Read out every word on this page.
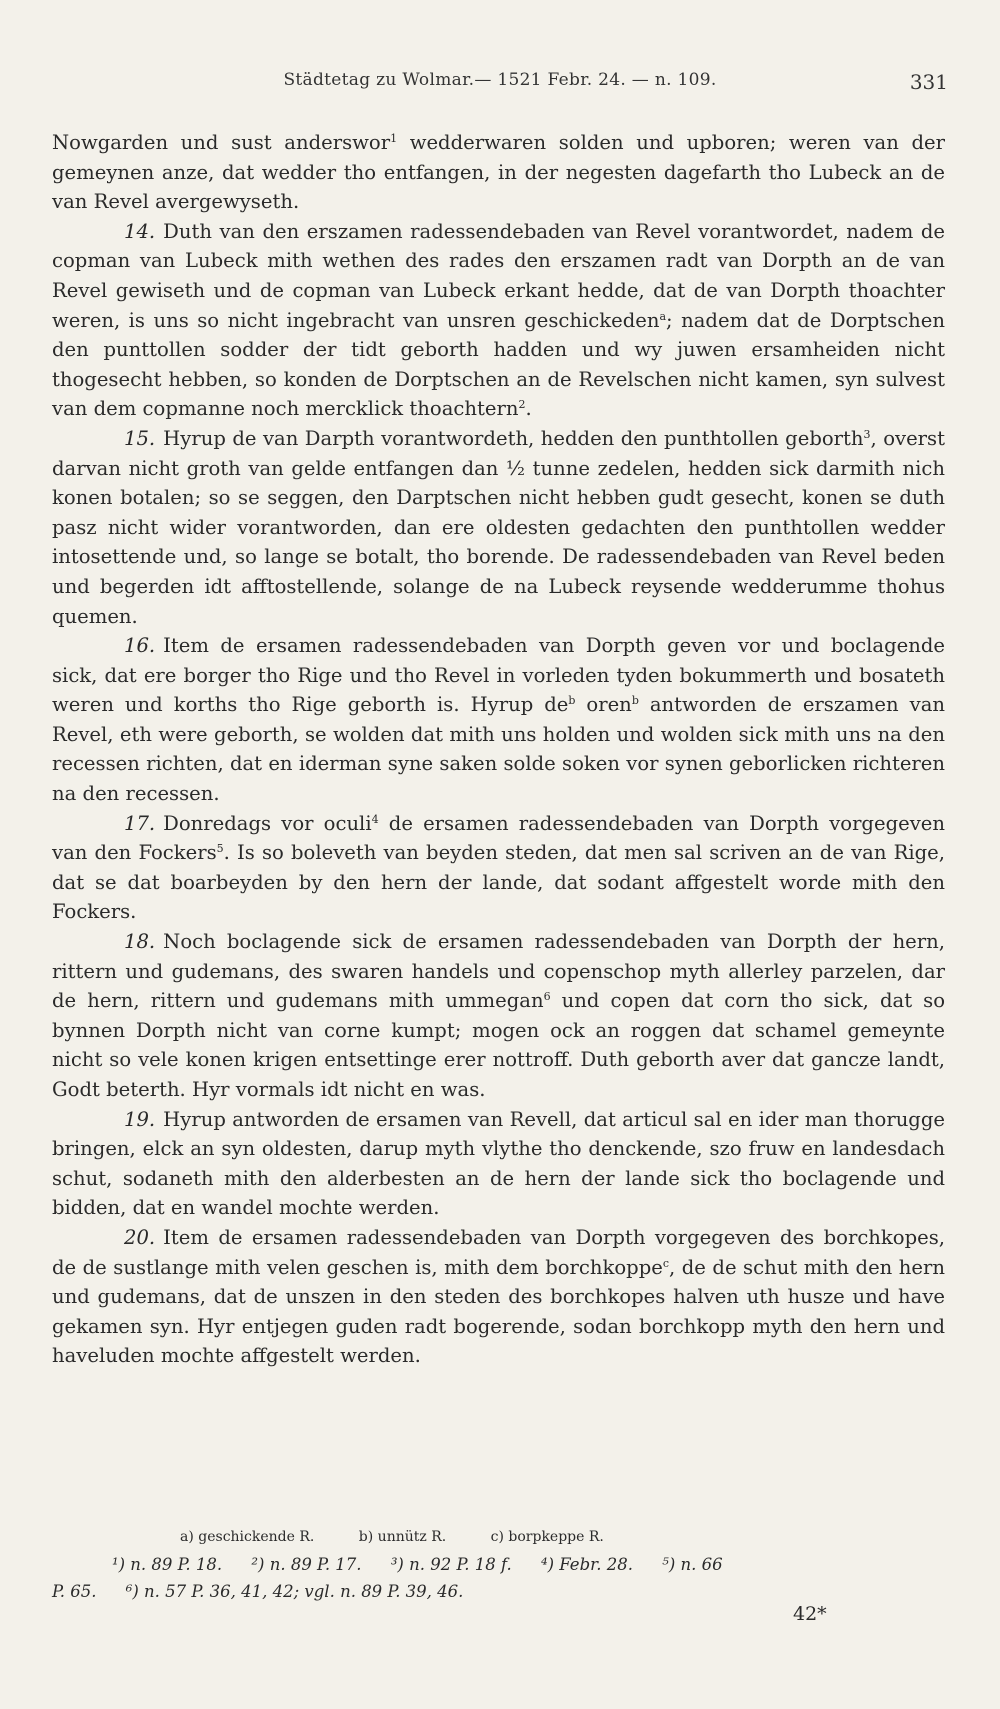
Städtetag zu Wolmar.— 1521 Febr. 24. — n. 109.	331

Nowgarden und sust anderswor$^1$ wedderwaren solden und upboren; weren van der gemeynen anze, dat wedder tho entfangen, in der negesten dagefarth tho Lubeck an de van Revel avergewyseth.

14. Duth van den erszamen radessendebaden van Revel vorantwordet, nadem de copman van Lubeck mith wethen des rades den erszamen radt van Dorpth an de van Revel gewiseth und de copman van Lubeck erkant hedde, dat de van Dorpth thoachter weren, is uns so nicht ingebracht van unsren geschickeden$^a$; nadem dat de Dorptschen den punttollen sodder der tidt geborth hadden und wy juwen ersamheiden nicht thogesecht hebben, so konden de Dorptschen an de Revelschen nicht kamen, syn sulvest van dem copmanne noch mercklick thoachtern$^2$.

15. Hyrup de van Darpth vorantwordeth, hedden den punthtollen geborth$^3$, overst darvan nicht groth van gelde entfangen dan ½ tunne zedelen, hedden sick darmith nich konen botalen; so se seggen, den Darptschen nicht hebben gudt gesecht, konen se duth pasz nicht wider vorantworden, dan ere oldesten gedachten den punthtollen wedder intosettende und, so lange se botalt, tho borende. De radessendebaden van Revel beden und begerden idt afftostellende, solange de na Lubeck reysende wedderumme thohus quemen.

16. Item de ersamen radessendebaden van Dorpth geven vor und boclagende sick, dat ere borger tho Rige und tho Revel in vorleden tyden bokummerth und bosateth weren und korths tho Rige geborth is. Hyrup $de^b$ oren$^b$ antworden de erszamen van Revel, eth were geborth, se wolden dat mith uns holden und wolden sick mith uns na den recessen richten, dat en iderman syne saken solde soken vor synen geborlicken richteren na den recessen.

17. Donredags vor oculi$^4$ de ersamen radessendebaden van Dorpth vorgegeven van den Fockers$^5$. Is so boleveth van beyden steden, dat men sal scriven an de van Rige, dat se dat boarbeyden by den hern der lande, dat sodant affgestelt worde mith den Fockers.

18. Noch boclagende sick de ersamen radessendebaden van Dorpth der hern, rittern und gudemans, des swaren handels und copenschop myth allerley parzelen, dar de hern, rittern und gudemans mith ummegan$^6$ und copen dat corn tho sick, dat so bynnen Dorpth nicht van corne kumpt; mogen ock an roggen dat schamel gemeynte nicht so vele konen krigen entsettinge erer nottroff. Duth geborth aver dat gancze landt, Godt beterth. Hyr vormals idt nicht en was.

19. Hyrup antworden de ersamen van Revell, dat articul sal en ider man thorugge bringen, elck an syn oldesten, darup myth vlythe tho denckende, szo fruw en landesdach schut, sodaneth mith den alderbesten an de hern der lande sick tho boclagende und bidden, dat en wandel mochte werden.

20. Item de ersamen radessendebaden van Dorpth vorgegeven des borchkopes, de de sustlange mith velen geschen is, mith dem borchkoppe$^c$, de de schut mith den hern und gudemans, dat de unszen in den steden des borchkopes halven uth husze und have gekamen syn. Hyr entjegen guden radt bogerende, sodan borchkopp myth den hern und haveluden mochte affgestelt werden.

a) geschickende R.	b) unnütz R.	c) borpkeppe R.
¹) n. 89 P. 18. ²) n. 89 P. 17. ³) n. 92 P. 18 f. ⁴) Febr. 28. ⁵) n. 66
P. 65. ⁶) n. 57 P. 36, 41, 42; vgl. n. 89 P. 39, 46.
42*
